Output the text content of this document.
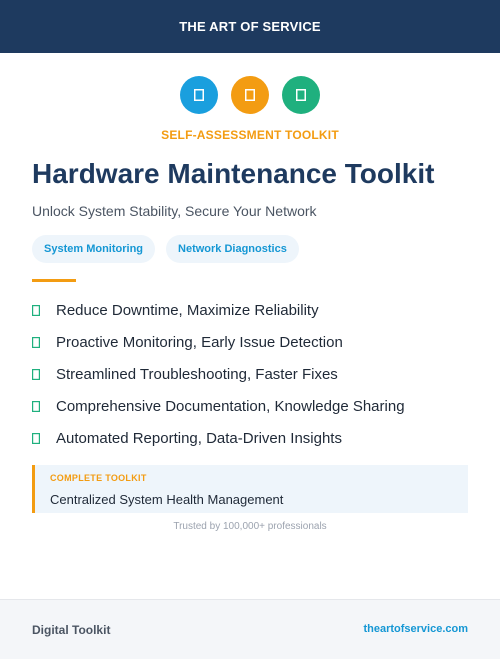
THE ART OF SERVICE
SELF-ASSESSMENT TOOLKIT
Hardware Maintenance Toolkit
Unlock System Stability, Secure Your Network
System Monitoring	Network Diagnostics
Reduce Downtime, Maximize Reliability
Proactive Monitoring, Early Issue Detection
Streamlined Troubleshooting, Faster Fixes
Comprehensive Documentation, Knowledge Sharing
Automated Reporting, Data-Driven Insights
COMPLETE TOOLKIT
Centralized System Health Management
Trusted by 100,000+ professionals
Digital Toolkit	theartofservice.com
